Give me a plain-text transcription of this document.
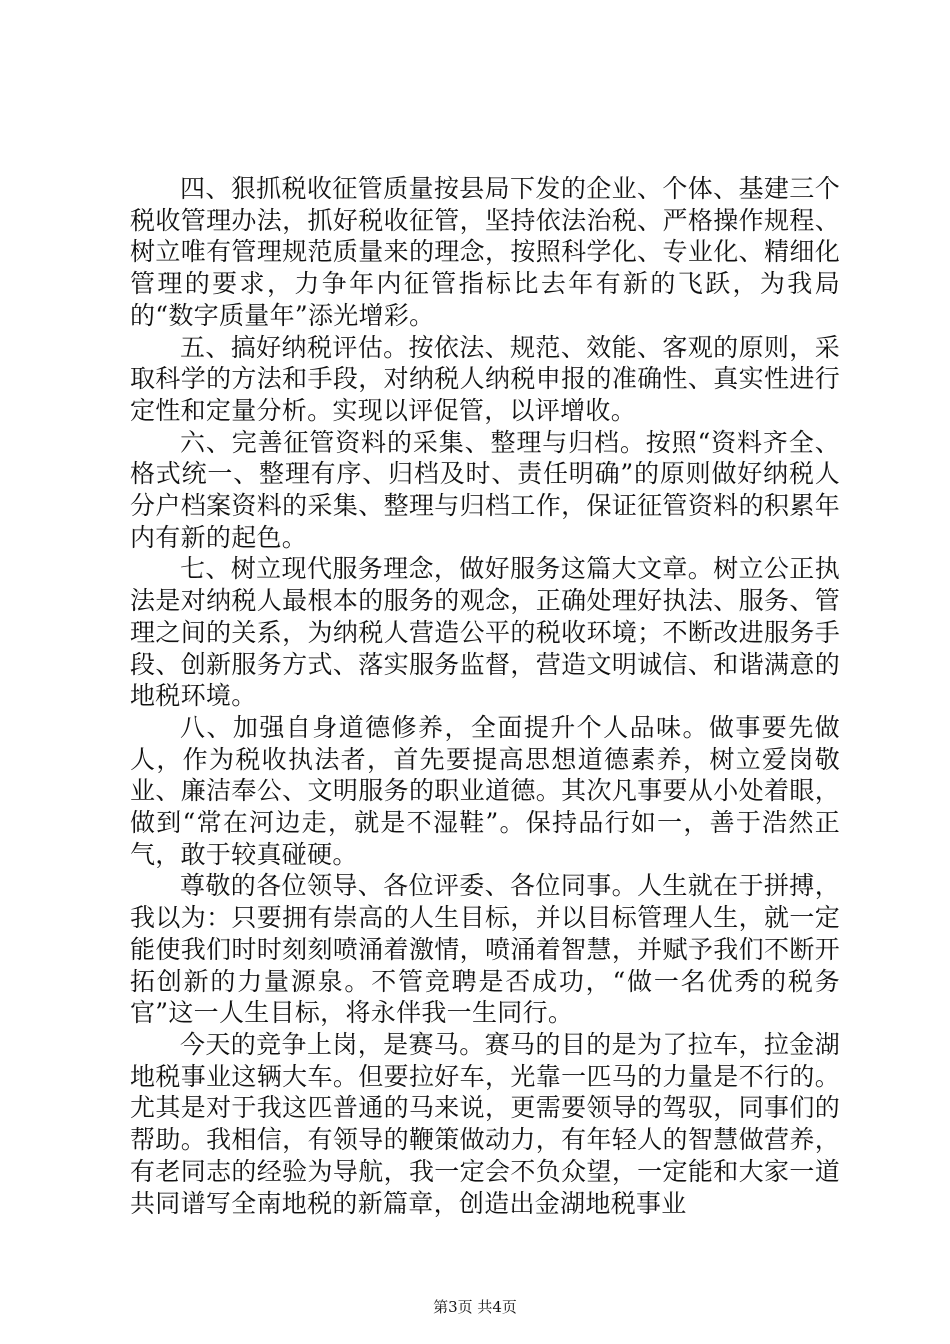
四、狠抓税收征管质量按县局下发的企业、个体、基建三个税收管理办法，抓好税收征管，坚持依法治税、严格操作规程、树立唯有管理规范质量来的理念，按照科学化、专业化、精细化管理的要求，力争年内征管指标比去年有新的飞跃，为我局的“数字质量年”添光增彩。

五、搞好纳税评估。按依法、规范、效能、客观的原则，采取科学的方法和手段，对纳税人纳税申报的准确性、真实性进行定性和定量分析。实现以评促管，以评增收。

六、完善征管资料的采集、整理与归档。按照“资料齐全、格式统一、整理有序、归档及时、责任明确”的原则做好纳税人分户档案资料的采集、整理与归档工作，保证征管资料的积累年内有新的起色。

七、树立现代服务理念，做好服务这篇大文章。树立公正执法是对纳税人最根本的服务的观念，正确处理好执法、服务、管理之间的关系，为纳税人营造公平的税收环境；不断改进服务手段、创新服务方式、落实服务监督，营造文明诚信、和谐满意的地税环境。

八、加强自身道德修养，全面提升个人品味。做事要先做人，作为税收执法者，首先要提高思想道德素养，树立爱岗敬业、廉洁奉公、文明服务的职业道德。其次凡事要从小处着眼，做到“常在河边走，就是不湿鞋”。保持品行如一，善于浩然正气，敢于较真碰硬。

尊敬的各位领导、各位评委、各位同事。人生就在于拼搏，我以为：只要拥有崇高的人生目标，并以目标管理人生，就一定能使我们时时刻刻喷涌着激情，喷涌着智慧，并赋予我们不断开拓创新的力量源泉。不管竞聘是否成功，“做一名优秀的税务官”这一人生目标，将永伴我一生同行。

今天的竞争上岗，是赛马。赛马的目的是为了拉车，拉金湖地税事业这辆大车。但要拉好车，光靠一匹马的力量是不行的。尤其是对于我这匹普通的马来说，更需要领导的驾驭，同事们的帮助。我相信，有领导的鞭策做动力，有年轻人的智慧做营养，有老同志的经验为导航，我一定会不负众望，一定能和大家一道共同谱写全南地税的新篇章，创造出金湖地税事业

第3页 共4页
